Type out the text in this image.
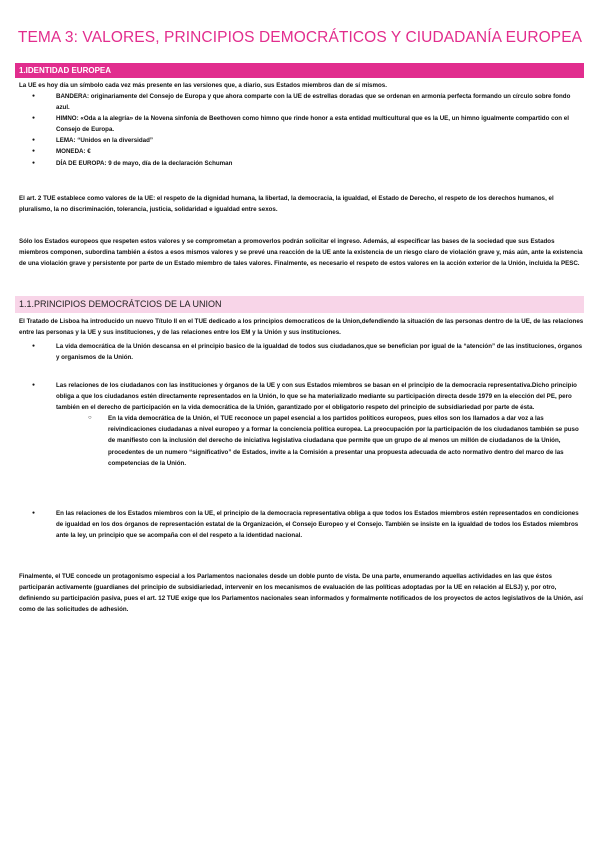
TEMA 3: VALORES, PRINCIPIOS DEMOCRÁTICOS Y CIUDADANÍA EUROPEA
1.IDENTIDAD EUROPEA
La UE es hoy día un símbolo cada vez más presente en las versiones que, a diario, sus Estados miembros dan de sí mismos.
● BANDERA: originariamente del Consejo de Europa y que ahora comparte con la UE de estrellas doradas que se ordenan en armonía perfecta formando un círculo sobre fondo azul.
● HIMNO: «Oda a la alegría» de la Novena sinfonía de Beethoven como himno que rinde honor a esta entidad multicultural que es la UE, un himno igualmente compartido con el Consejo de Europa.
● LEMA: “Unidos en la diversidad”
● MONEDA: €
● DÍA DE EUROPA: 9 de mayo, día de la declaración Schuman
El art. 2 TUE establece como valores de la UE: el respeto de la dignidad humana, la libertad, la democracia, la igualdad, el Estado de Derecho, el respeto de los derechos humanos, el pluralismo, la no discriminación, tolerancia, justicia, solidaridad e igualdad entre sexos.
Sólo los Estados europeos que respeten estos valores y se comprometan a promoverlos podrán solicitar el ingreso. Además, al especificar las bases de la sociedad que sus Estados miembros componen, subordina también a éstos a esos mismos valores y se prevé una reacción de la UE ante la existencia de un riesgo claro de violación grave y, más aún, ante la existencia de una violación grave y persistente por parte de un Estado miembro de tales valores. Finalmente, es necesario el respeto de estos valores en la acción exterior de la Unión, incluida la PESC.
1.1.PRINCIPIOS DEMOCRÁTCIOS DE LA UNION
El Tratado de Lisboa ha introducido un nuevo Título II en el TUE dedicado a los principios democraticos de la Union,defendiendo la situación de las personas dentro de la UE, de las relaciones entre las personas y la UE y sus instituciones, y de las relaciones entre los EM y la Unión y sus instituciones.
● La vida democrática de la Unión descansa en el principio basico de la igualdad de todos sus ciudadanos,que se benefician por igual de la “atención” de las instituciones, órganos y organismos de la Unión.
● Las relaciones de los ciudadanos con las instituciones y órganos de la UE y con sus Estados miembros se basan en el principio de la democracia representativa.Dicho principio obliga a que los ciudadanos estén directamente representados en la Unión, lo que se ha materializado mediante su participación directa desde 1979 en la elección del PE, pero también en el derecho de participación en la vida democrática de la Unión, garantizado por el obligatorio respeto del principio de subsidiariedad por parte de ésta.
○ En la vida democrática de la Unión, el TUE reconoce un papel esencial a los partidos políticos europeos, pues ellos son los llamados a dar voz a las reivindicaciones ciudadanas a nivel europeo y a formar la conciencia política europea. La preocupación por la participación de los ciudadanos también se puso de manifiesto con la inclusión del derecho de iniciativa legislativa ciudadana que permite que un grupo de al menos un millón de ciudadanos de la Unión, procedentes de un numero “significativo” de Estados, invite a la Comisión a presentar una propuesta adecuada de acto normativo dentro del marco de las competencias de la Unión.
● En las relaciones de los Estados miembros con la UE, el principio de la democracia representativa obliga a que todos los Estados miembros estén representados en condiciones de igualdad en los dos órganos de representación estatal de la Organización, el Consejo Europeo y el Consejo. También se insiste en la igualdad de todos los Estados miembros ante la ley, un principio que se acompaña con el del respeto a la identidad nacional.
Finalmente, el TUE concede un protagonismo especial a los Parlamentos nacionales desde un doble punto de vista. De una parte, enumerando aquellas actividades en las que éstos participarán activamente (guardianes del principio de subsidiariedad, intervenir en los mecanismos de evaluación de las políticas adoptadas por la UE en relación al ELSJ) y, por otro, definiendo su participación pasiva, pues el art. 12 TUE exige que los Parlamentos nacionales sean informados y formalmente notificados de los proyectos de actos legislativos de la Unión, así como de las solicitudes de adhesión.
